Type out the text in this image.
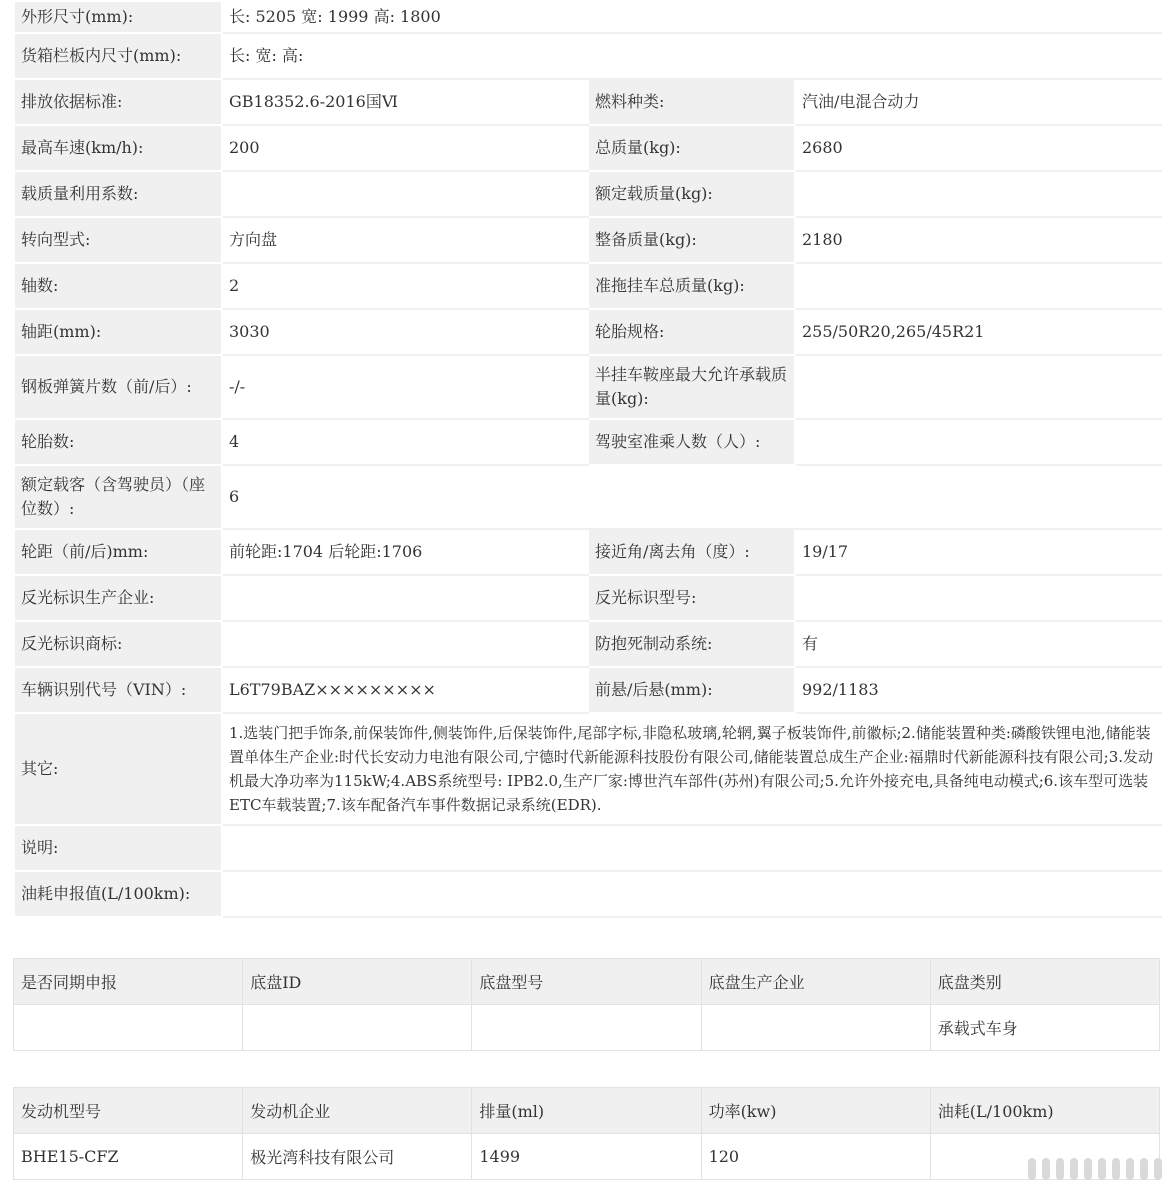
外形尺寸(mm):	长: 5205 宽: 1999 高: 1800		
货箱栏板内尺寸(mm):	长: 宽: 高:		
排放依据标准:	GB18352.6-2016国Ⅵ	燃料种类:	汽油/电混合动力
最高车速(km/h):	200	总质量(kg):	2680
载质量利用系数:		额定载质量(kg):	
转向型式:	方向盘	整备质量(kg):	2180
轴数:	2	准拖挂车总质量(kg):	
轴距(mm):	3030	轮胎规格:	255/50R20,265/45R21
钢板弹簧片数（前/后）:	-/-	半挂车鞍座最大允许承载质量(kg):	
轮胎数:	4	驾驶室准乘人数（人）:	
额定载客（含驾驶员）（座位数）:	6		
轮距（前/后)mm:	前轮距:1704 后轮距:1706	接近角/离去角（度）:	19/17
反光标识生产企业:		反光标识型号:	
反光标识商标:		防抱死制动系统:	有
车辆识别代号（VIN）:	L6T79BAZ×××××××××	前悬/后悬(mm):	992/1183
其它:	1.选装门把手饰条,前保装饰件,侧装饰件,后保装饰件,尾部字标,非隐私玻璃,轮辋,翼子板装饰件,前徽标;2.储能装置种类:磷酸铁锂电池,储能装置单体生产企业:时代长安动力电池有限公司,宁德时代新能源科技股份有限公司,储能装置总成生产企业:福鼎时代新能源科技有限公司;3.发动机最大净功率为115kW;4.ABS系统型号: IPB2.0,生产厂家:博世汽车部件(苏州)有限公司;5.允许外接充电,具备纯电动模式;6.该车型可选装ETC车载装置;7.该车配备汽车事件数据记录系统(EDR).		
说明:			
油耗申报值(L/100km):			
是否同期申报	底盘ID	底盘型号	底盘生产企业	底盘类别
				承载式车身
发动机型号	发动机企业	排量(ml)	功率(kw)	油耗(L/100km)
BHE15-CFZ	极光湾科技有限公司	1499	120	
